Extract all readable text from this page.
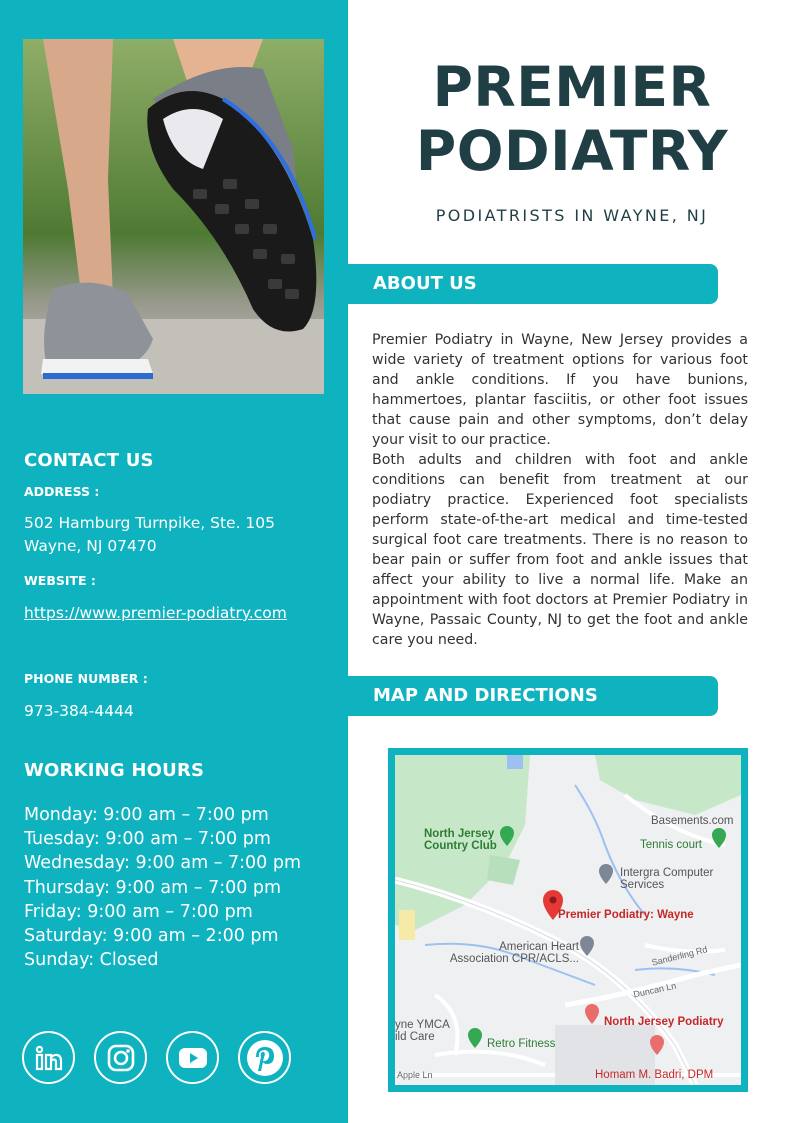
CONTACT US
ADDRESS :
502 Hamburg Turnpike, Ste. 105
Wayne, NJ 07470
WEBSITE :
https://www.premier-podiatry.com
PHONE NUMBER :
973-384-4444
WORKING HOURS
Monday: 9:00 am – 7:00 pm
Tuesday: 9:00 am – 7:00 pm
Wednesday: 9:00 am – 7:00 pm
Thursday: 9:00 am – 7:00 pm
Friday: 9:00 am – 7:00 pm
Saturday: 9:00 am – 2:00 pm
Sunday: Closed
PREMIER
PODIATRY
PODIATRISTS IN WAYNE, NJ
ABOUT US

Premier Podiatry in Wayne, New Jersey provides a wide variety of treatment options for various foot and ankle conditions. If you have bunions, hammertoes, plantar fasciitis, or other foot issues that cause pain and other symptoms, don’t delay your visit to our practice.

Both adults and children with foot and ankle conditions can benefit from treatment at our podiatry practice. Experienced foot specialists perform state-of-the-art medical and time-tested surgical foot care treatments. There is no reason to bear pain or suffer from foot and ankle issues that affect your ability to live a normal life. Make an appointment with foot doctors at Premier Podiatry in Wayne, Passaic County, NJ to get the foot and ankle care you need.

MAP AND DIRECTIONS
North Jersey Country Club
Basements.com
Tennis court
Intergra Computer Services
Premier Podiatry: Wayne
American Heart Association CPR/ACLS...	Sanderling Rd
Duncan Ln
yne YMCA ild Care
Retro Fitness
North Jersey Podiatry
Homam M. Badri, DPM
Apple Ln
